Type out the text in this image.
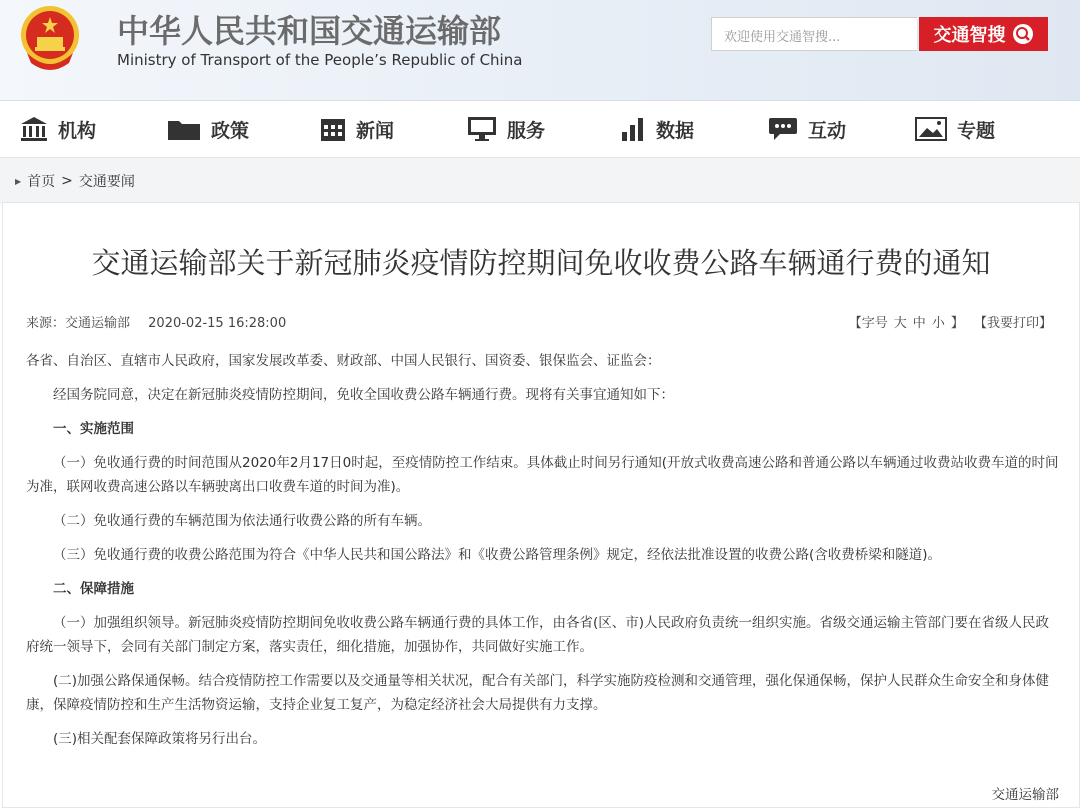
中华人民共和国交通运输部
Ministry of Transport of the People’s Republic of China
欢迎使用交通智搜...	交通智搜
机构	政策	新闻	服务	数据	互动	专题
▶ 首页 > 交通要闻
交通运输部关于新冠肺炎疫情防控期间免收收费公路车辆通行费的通知
来源：交通运输部 2020-02-15 16:28:00	【字号 大 中 小 】 【我要打印】

各省、自治区、直辖市人民政府，国家发展改革委、财政部、中国人民银行、国资委、银保监会、证监会：

经国务院同意，决定在新冠肺炎疫情防控期间，免收全国收费公路车辆通行费。现将有关事宜通知如下：

一、实施范围

（一）免收通行费的时间范围从2020年2月17日0时起，至疫情防控工作结束。具体截止时间另行通知(开放式收费高速公路和普通公路以车辆通过收费站收费车道的时间为准，联网收费高速公路以车辆驶离出口收费车道的时间为准)。

（二）免收通行费的车辆范围为依法通行收费公路的所有车辆。

（三）免收通行费的收费公路范围为符合《中华人民共和国公路法》和《收费公路管理条例》规定，经依法批准设置的收费公路(含收费桥梁和隧道)。

二、保障措施

（一）加强组织领导。新冠肺炎疫情防控期间免收收费公路车辆通行费的具体工作，由各省(区、市)人民政府负责统一组织实施。省级交通运输主管部门要在省级人民政府统一领导下，会同有关部门制定方案，落实责任，细化措施，加强协作，共同做好实施工作。

(二)加强公路保通保畅。结合疫情防控工作需要以及交通量等相关状况，配合有关部门，科学实施防疫检测和交通管理，强化保通保畅，保护人民群众生命安全和身体健康，保障疫情防控和生产生活物资运输，支持企业复工复产，为稳定经济社会大局提供有力支撑。

(三)相关配套保障政策将另行出台。

交通运输部
